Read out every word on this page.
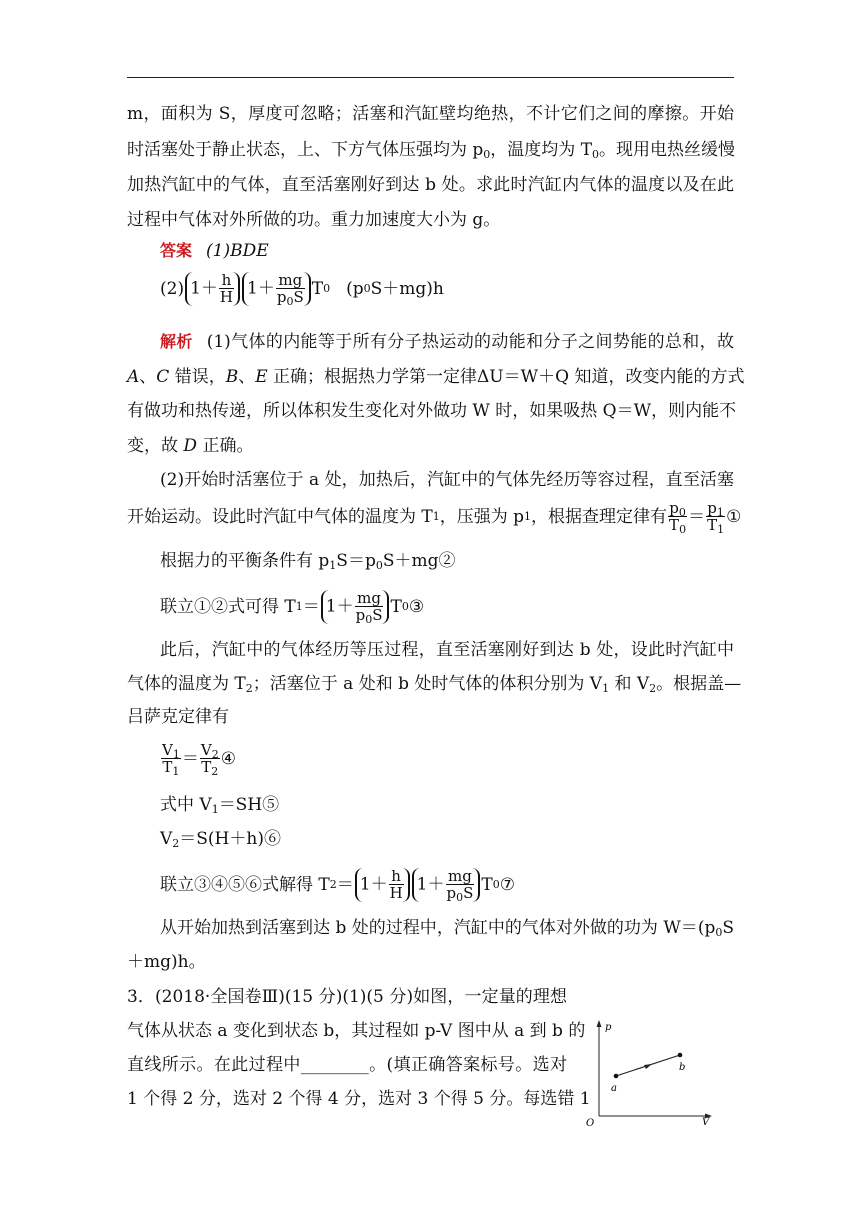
m，面积为 S，厚度可忽略；活塞和汽缸壁均绝热，不计它们之间的摩擦。开始
时活塞处于静止状态，上、下方气体压强均为 $p_0$，温度均为 $T_0$。现用电热丝缓慢
加热汽缸中的气体，直至活塞刚好到达 b 处。求此时汽缸内气体的温度以及在此
过程中气体对外所做的功。重力加速度大小为 g。
答案 (1)BDE
(2) $1+ \frac{h}{H} 1+ \frac{mg}{p_0S}$ T 0 (p 0 S＋mg)h
解析 (1)气体的内能等于所有分子热运动的动能和分子之间势能的总和，故
A、C 错误，B、E 正确；根据热力学第一定律ΔU＝W＋Q 知道，改变内能的方式
有做功和热传递，所以体积发生变化对外做功 W 时，如果吸热 Q＝W，则内能不
变，故 D 正确。
(2)开始时活塞位于 a 处，加热后，汽缸中的气体先经历等容过程，直至活塞
开始运动。设此时汽缸中气体的温度为 T 1 ，压强为 p 1 ，根据查理定律有 $\frac{p_0}{T_0} = \frac{p_1}{T_1}$ ①
根据力的平衡条件有 $p_1S=p_0S+mg②$
联立①②式可得 T $1 = 1+ \frac{mg}{p_0S}$ T 0 ③
此后，汽缸中的气体经历等压过程，直至活塞刚好到达 b 处，设此时汽缸中
气体的温度为 $T_2$；活塞位于 a 处和 b 处时气体的体积分别为 $V_1$ 和 $V_2$。根据盖—
吕萨克定律有
$\frac{V_1}{T_1} = \frac{V_2}{T_2}$ ④
式中 $V_1=SH⑤$
$V_2=S(H+h)⑥$
联立③④⑤⑥式解得 T $2 = 1+ \frac{h}{H} 1+ \frac{mg}{p_0S}$ T 0 ⑦
从开始加热到活塞到达 b 处的过程中，汽缸中的气体对外做的功为 $W=(p_0S$
＋mg)h。
3．(2018·全国卷Ⅲ)(15 分)(1)(5 分)如图，一定量的理想
气体从状态 a 变化到状态 b，其过程如 p-V 图中从 a 到 b 的
直线所示。在此过程中________。(填正确答案标号。选对
1 个得 2 分，选对 2 个得 4 分，选对 3 个得 5 分。每选错 1
p
V
O
a
b
